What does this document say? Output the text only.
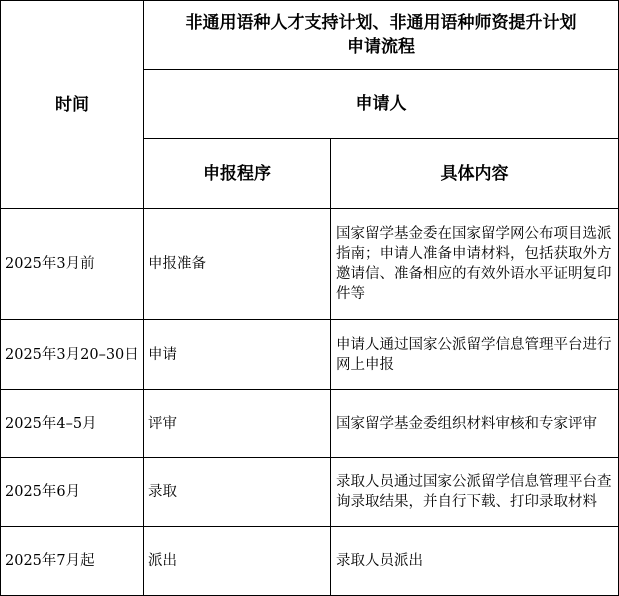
时间	非通用语种人才支持计划、非通用语种师资提升计划
申请流程	
	申请人	
	申报程序	具体内容
2025年3月前	申报准备	国家留学基金委在国家留学网公布项目选派指南；申请人准备申请材料，包括获取外方邀请信、准备相应的有效外语水平证明复印件等
2025年3月20–30日	申请	申请人通过国家公派留学信息管理平台进行网上申报
2025年4–5月	评审	国家留学基金委组织材料审核和专家评审
2025年6月	录取	录取人员通过国家公派留学信息管理平台查询录取结果，并自行下载、打印录取材料
2025年7月起	派出	录取人员派出
